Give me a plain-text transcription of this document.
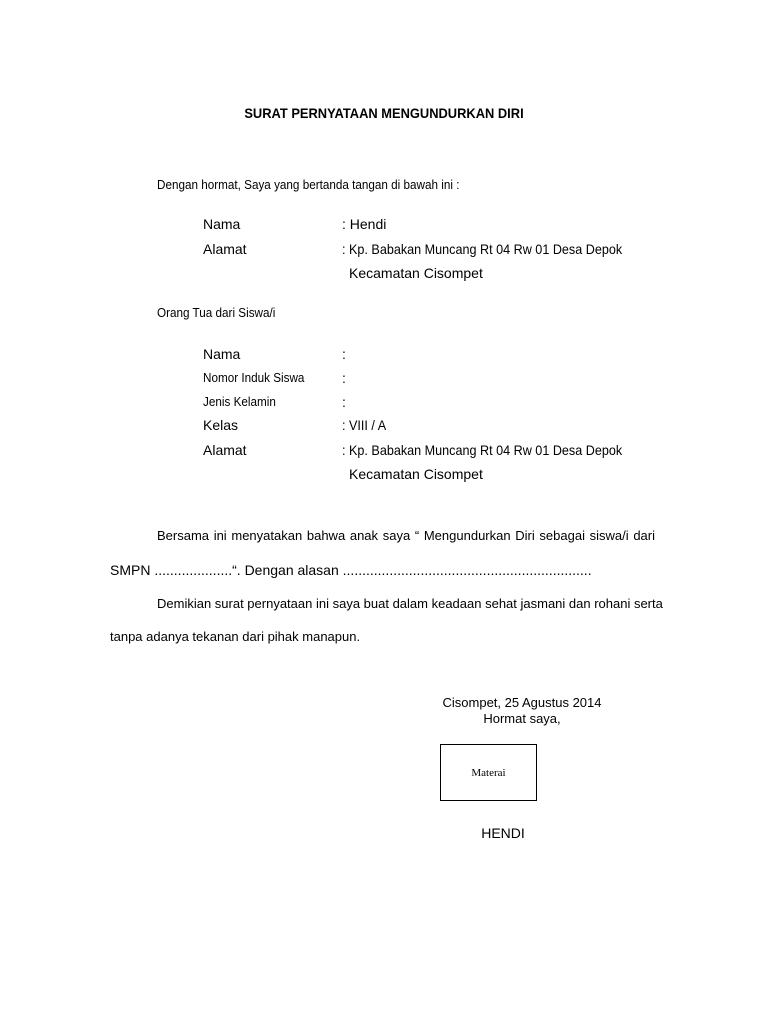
SURAT PERNYATAAN MENGUNDURKAN DIRI
Dengan hormat, Saya yang bertanda tangan di bawah ini :
Nama	: Hendi
Alamat	: Kp. Babakan Muncang Rt 04 Rw 01 Desa Depok
Kecamatan Cisompet
Orang Tua dari Siswa/i
Nama	:
Nomor Induk Siswa	:
Jenis Kelamin	:
Kelas	: VIII / A
Alamat	: Kp. Babakan Muncang Rt 04 Rw 01 Desa Depok
Kecamatan Cisompet
Bersama ini menyatakan bahwa anak saya “ Mengundurkan Diri sebagai siswa/i dari
SMPN ....................“. Dengan alasan ................................................................
Demikian surat pernyataan ini saya buat dalam keadaan sehat jasmani dan rohani serta
tanpa adanya tekanan dari pihak manapun.
Cisompet, 25 Agustus 2014
Hormat saya,
Materai
HENDI
